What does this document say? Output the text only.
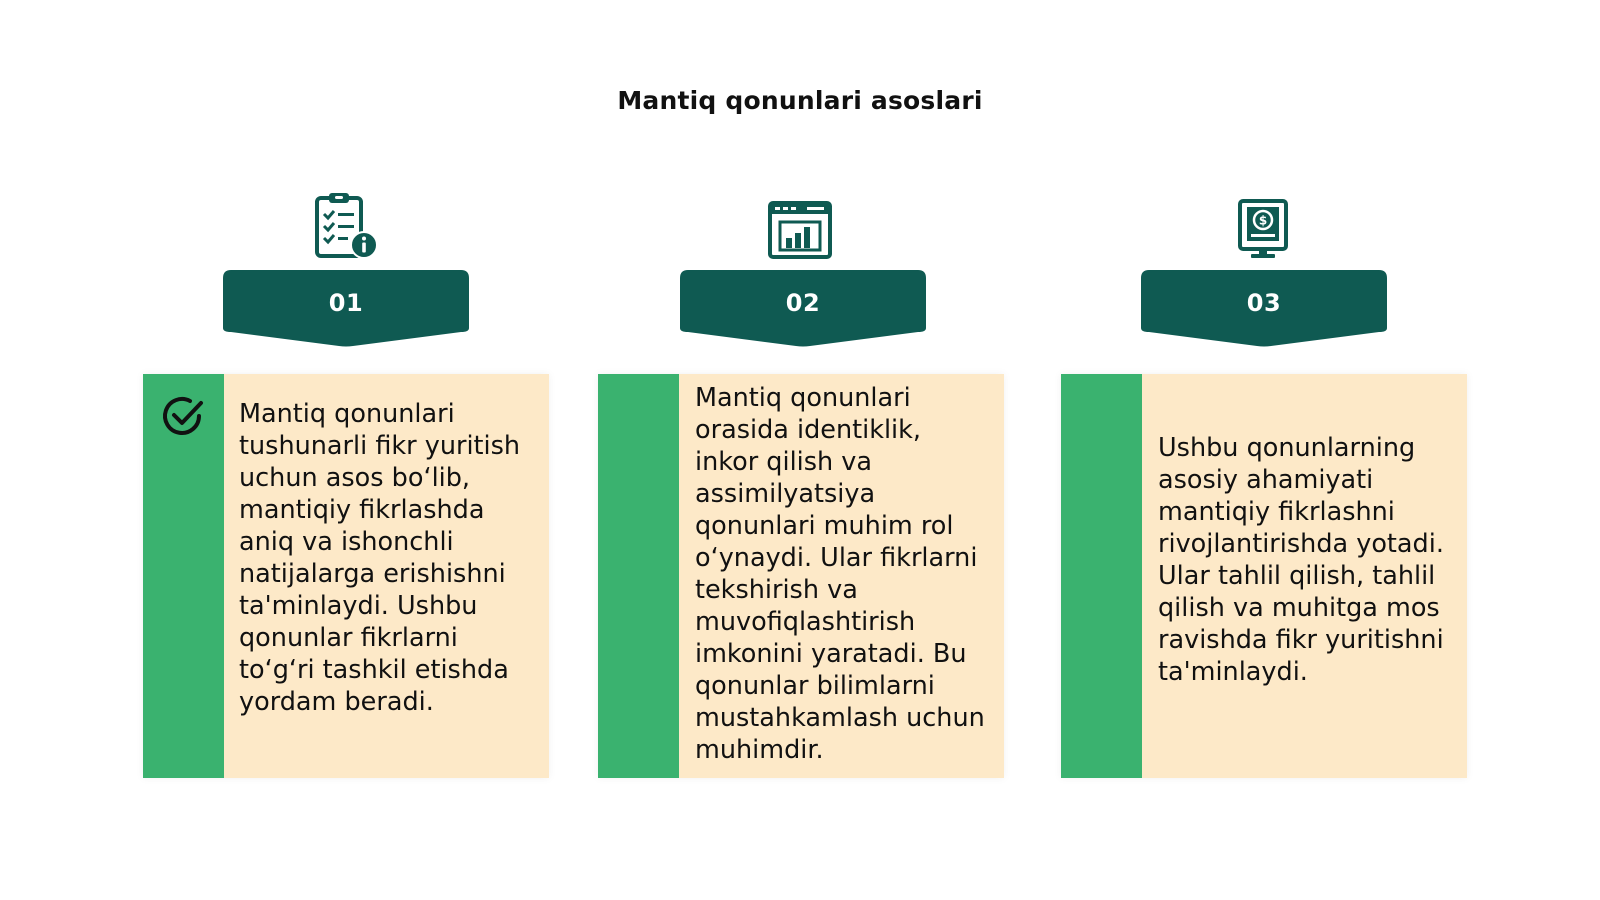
Mantiq qonunlari asoslari
01
Mantiq qonunlari tushunarli fikr yuritish uchun asos bo‘lib, mantiqiy fikrlashda aniq va ishonchli natijalarga erishishni ta'minlaydi. Ushbu qonunlar fikrlarni to‘g‘ri tashkil etishda yordam beradi.
02
Mantiq qonunlari orasida identiklik, inkor qilish va assimilyatsiya qonunlari muhim rol o‘ynaydi. Ular fikrlarni tekshirish va muvofiqlashtirish imkonini yaratadi. Bu qonunlar bilimlarni mustahkamlash uchun muhimdir.
$
03
Ushbu qonunlarning asosiy ahamiyati mantiqiy fikrlashni rivojlantirishda yotadi. Ular tahlil qilish, tahlil qilish va muhitga mos ravishda fikr yuritishni ta'minlaydi.
